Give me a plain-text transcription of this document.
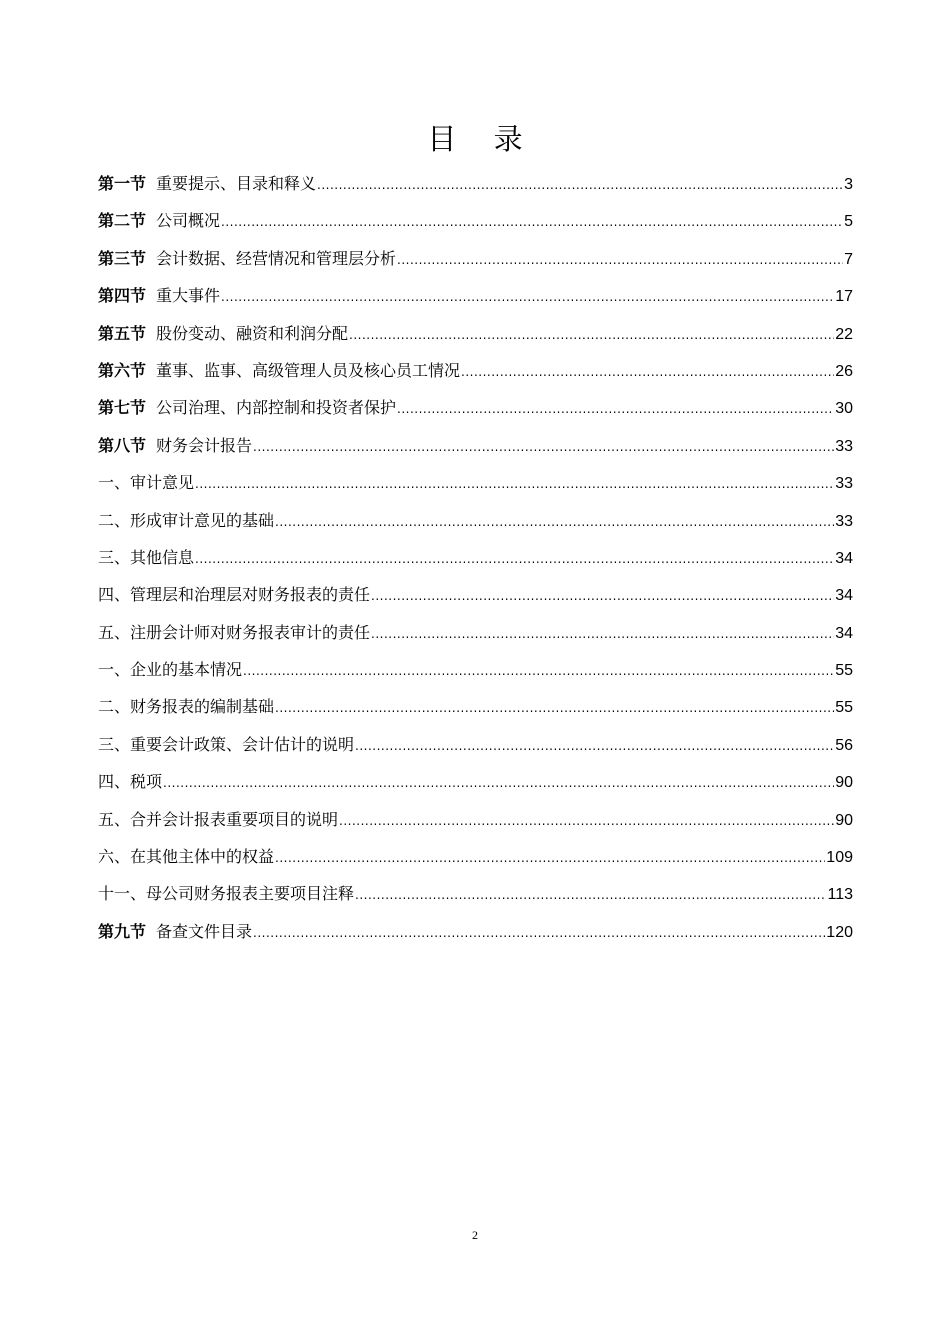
目 录
第一节 重要提示、目录和释义 .....	3
第二节 公司概况 .....	5
第三节 会计数据、经营情况和管理层分析 .....	7
第四节 重大事件 .....	17
第五节 股份变动、融资和利润分配 .....	22
第六节 董事、监事、高级管理人员及核心员工情况 .....	26
第七节 公司治理、内部控制和投资者保护 .....	30
第八节 财务会计报告 .....	33
一、审计意见 .....	33
二、形成审计意见的基础 .....	33
三、其他信息 .....	34
四、管理层和治理层对财务报表的责任 .....	34
五、注册会计师对财务报表审计的责任 .....	34
一、企业的基本情况 .....	55
二、财务报表的编制基础 .....	55
三、重要会计政策、会计估计的说明 .....	56
四、税项 .....	90
五、合并会计报表重要项目的说明 .....	90
六、在其他主体中的权益 .....	109
十一、母公司财务报表主要项目注释 .....	113
第九节 备查文件目录 .....	120
2
